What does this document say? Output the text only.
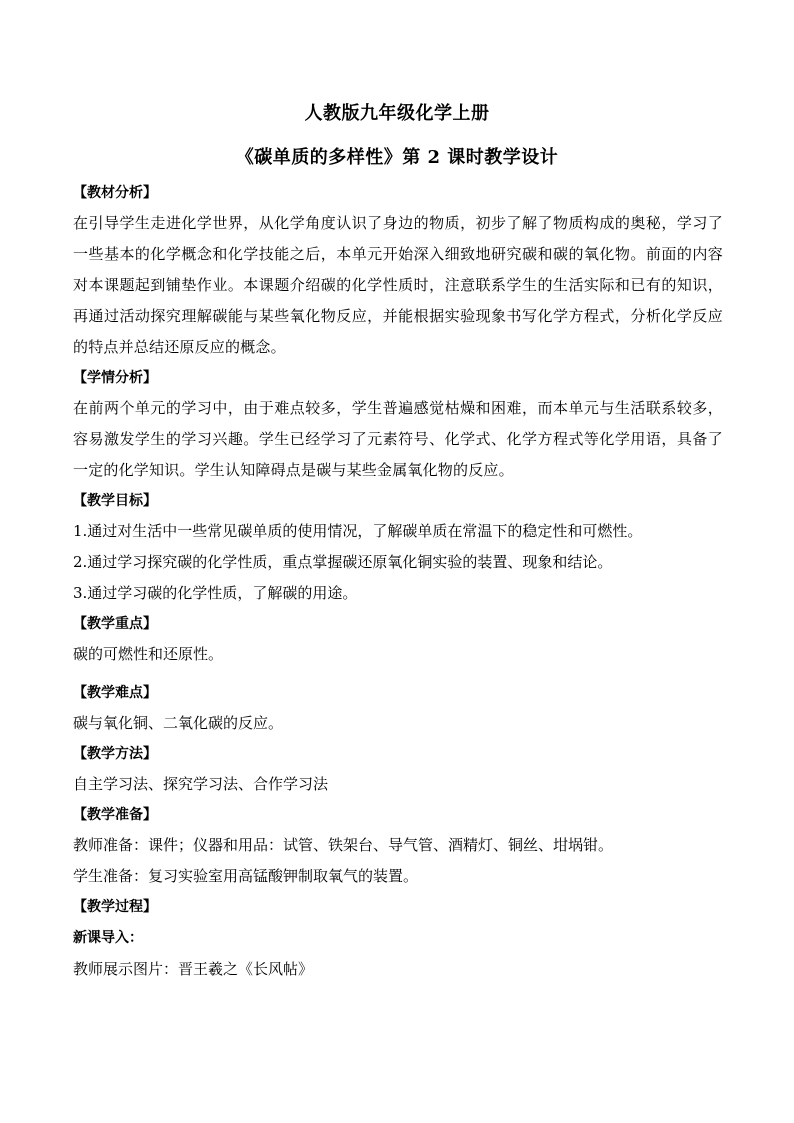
人教版九年级化学上册
《碳单质的多样性》第 2 课时教学设计
【教材分析】
在引导学生走进化学世界，从化学角度认识了身边的物质，初步了解了物质构成的奥秘，学习了一些基本的化学概念和化学技能之后，本单元开始深入细致地研究碳和碳的氧化物。前面的内容对本课题起到铺垫作业。本课题介绍碳的化学性质时，注意联系学生的生活实际和已有的知识，再通过活动探究理解碳能与某些氧化物反应，并能根据实验现象书写化学方程式，分析化学反应的特点并总结还原反应的概念。
【学情分析】
在前两个单元的学习中，由于难点较多，学生普遍感觉枯燥和困难，而本单元与生活联系较多，容易激发学生的学习兴趣。学生已经学习了元素符号、化学式、化学方程式等化学用语，具备了一定的化学知识。学生认知障碍点是碳与某些金属氧化物的反应。
【教学目标】
1.通过对生活中一些常见碳单质的使用情况，了解碳单质在常温下的稳定性和可燃性。
2.通过学习探究碳的化学性质，重点掌握碳还原氧化铜实验的装置、现象和结论。
3.通过学习碳的化学性质，了解碳的用途。
【教学重点】
碳的可燃性和还原性。
【教学难点】
碳与氧化铜、二氧化碳的反应。
【教学方法】
自主学习法、探究学习法、合作学习法
【教学准备】
教师准备：课件；仪器和用品：试管、铁架台、导气管、酒精灯、铜丝、坩埚钳。
学生准备：复习实验室用高锰酸钾制取氧气的装置。
【教学过程】
新课导入：
教师展示图片：晋王羲之《长风帖》
